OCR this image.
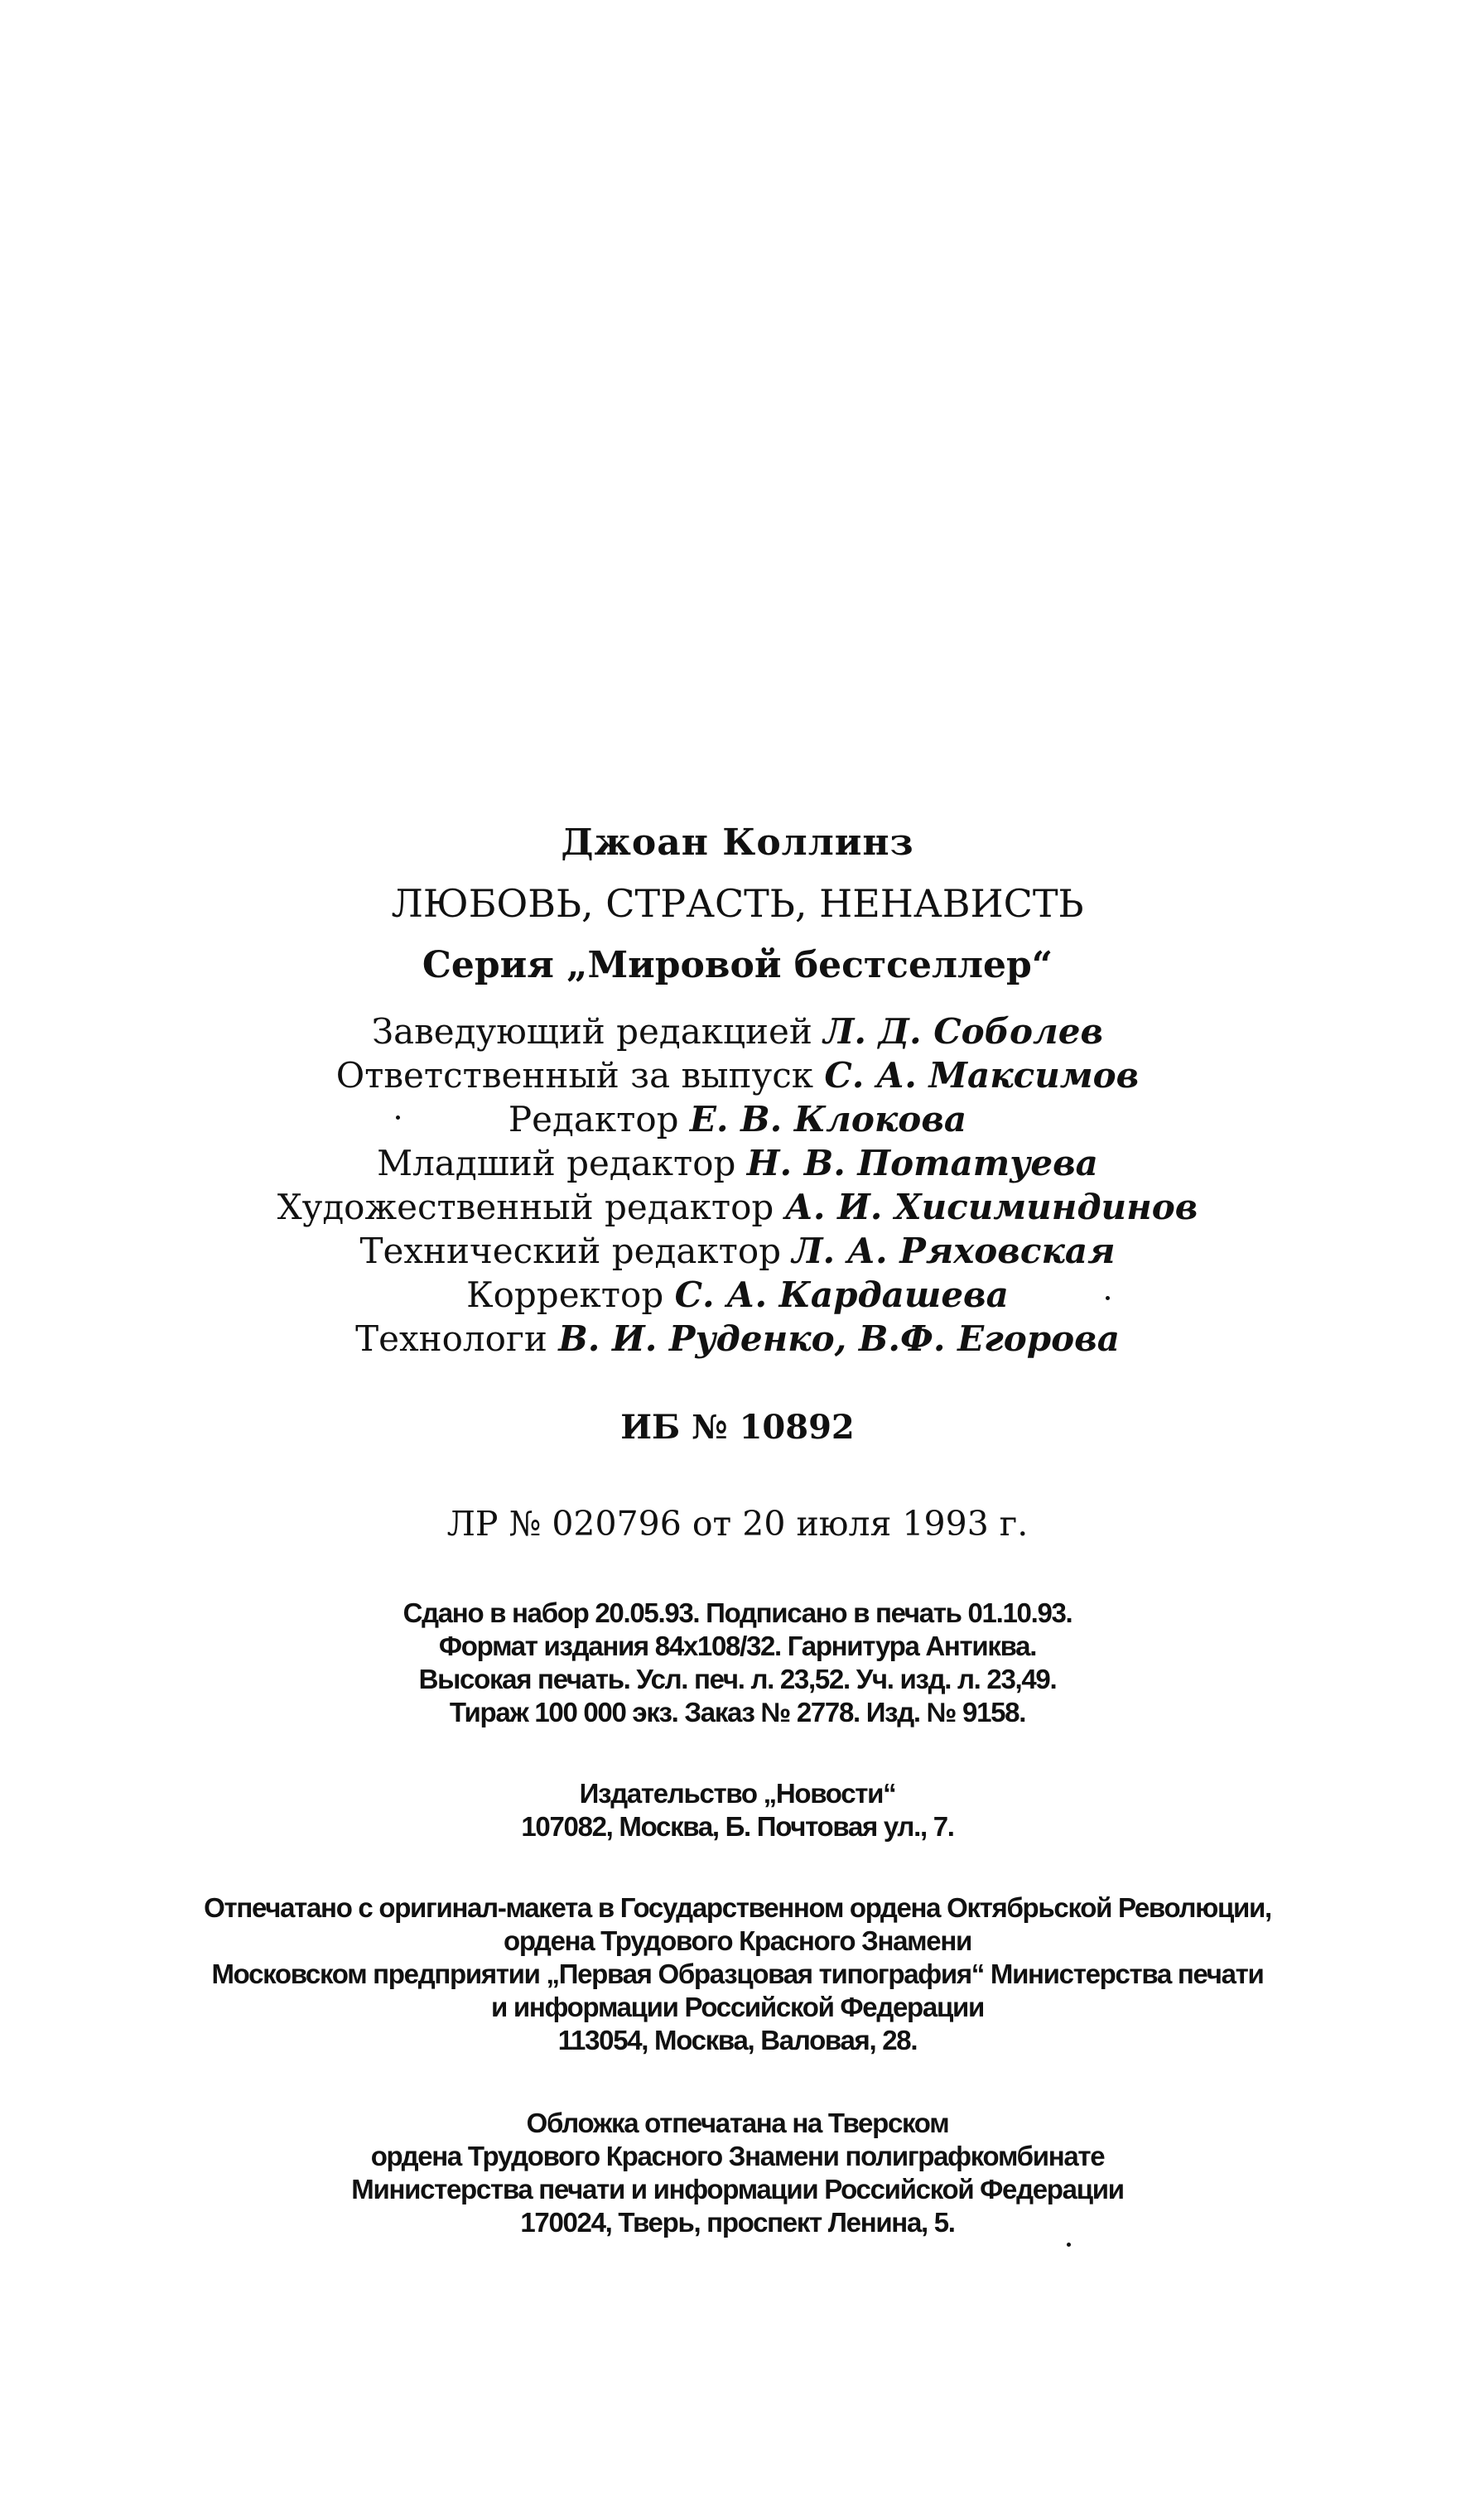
Джоан Коллинз
ЛЮБОВЬ, СТРАСТЬ, НЕНАВИСТЬ
Серия „Мировой бестселлер“
Заведующий редакцией Л. Д. Соболев
Ответственный за выпуск С. А. Максимов
Редактор Е. В. Клокова
Младший редактор Н. В. Потатуева
Художественный редактор А. И. Хисиминдинов
Технический редактор Л. А. Ряховская
Корректор С. А. Кардашева
Технологи В. И. Руденко, В.Ф. Егорова
ИБ № 10892
ЛР № 020796 от 20 июля 1993 г.
Сдано в набор 20.05.93. Подписано в печать 01.10.93.
Формат издания 84x108/32. Гарнитура Антиква.
Высокая печать. Усл. печ. л. 23,52. Уч. изд. л. 23,49.
Тираж 100 000 экз. Заказ № 2778. Изд. № 9158.
Издательство „Новости“
107082, Москва, Б. Почтовая ул., 7.
Отпечатано с оригинал-макета в Государственном ордена Октябрьской Революции,
ордена Трудового Красного Знамени
Московском предприятии „Первая Образцовая типография“ Министерства печати
и информации Российской Федерации
113054, Москва, Валовая, 28.
Обложка отпечатана на Тверском
ордена Трудового Красного Знамени полиграфкомбинате
Министерства печати и информации Российской Федерации
170024, Тверь, проспект Ленина, 5.
